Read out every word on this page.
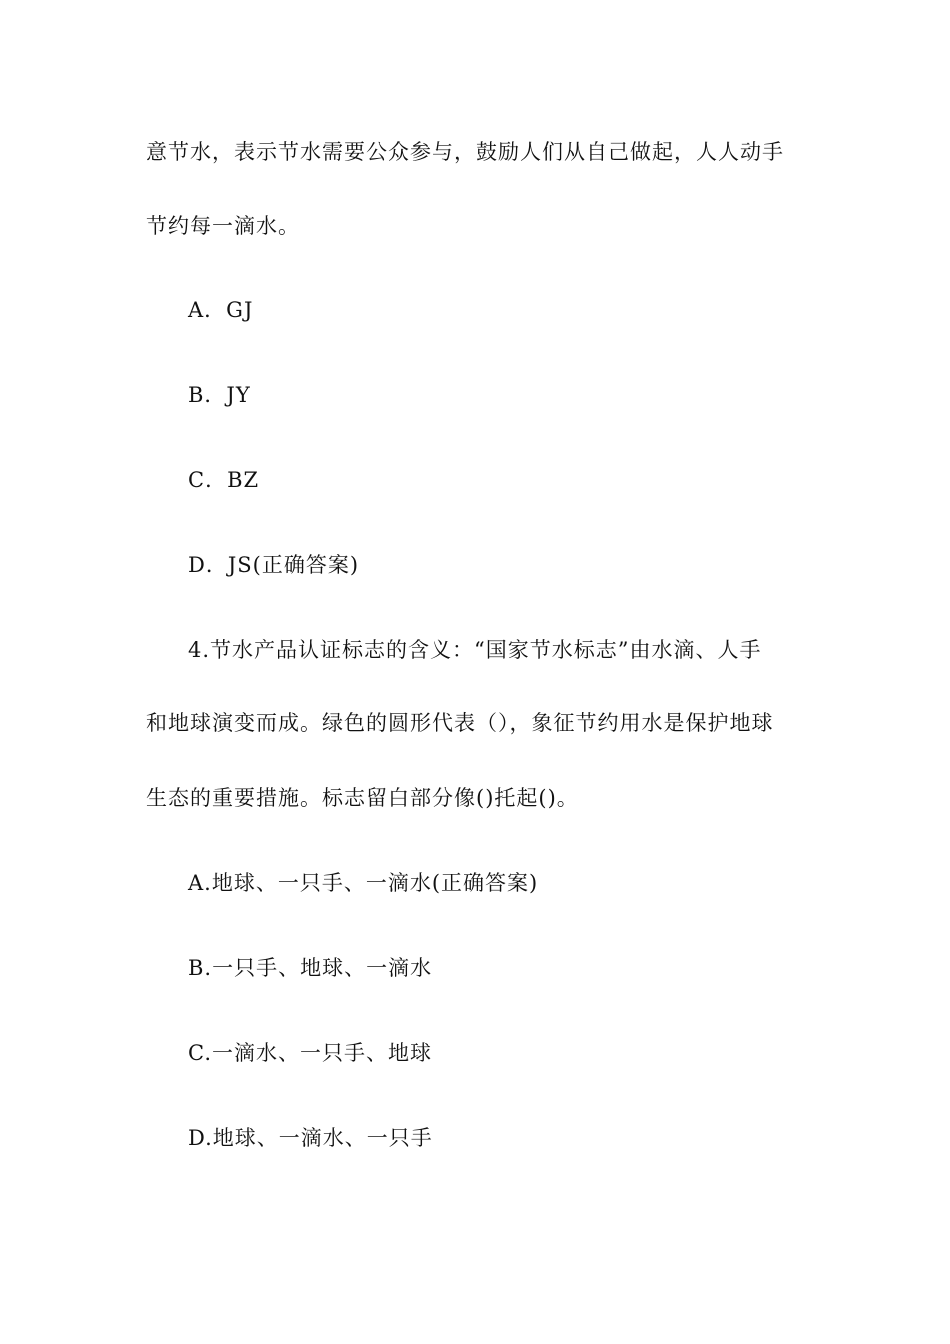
意节水，表示节水需要公众参与，鼓励人们从自己做起，人人动手
节约每一滴水。
A．GJ
B．JY
C．BZ
D．JS(正确答案)
4.节水产品认证标志的含义：“国家节水标志”由水滴、人手
和地球演变而成。绿色的圆形代表（），象征节约用水是保护地球
生态的重要措施。标志留白部分像()托起()。
A.地球、一只手、一滴水(正确答案)
B.一只手、地球、一滴水
C.一滴水、一只手、地球
D.地球、一滴水、一只手
